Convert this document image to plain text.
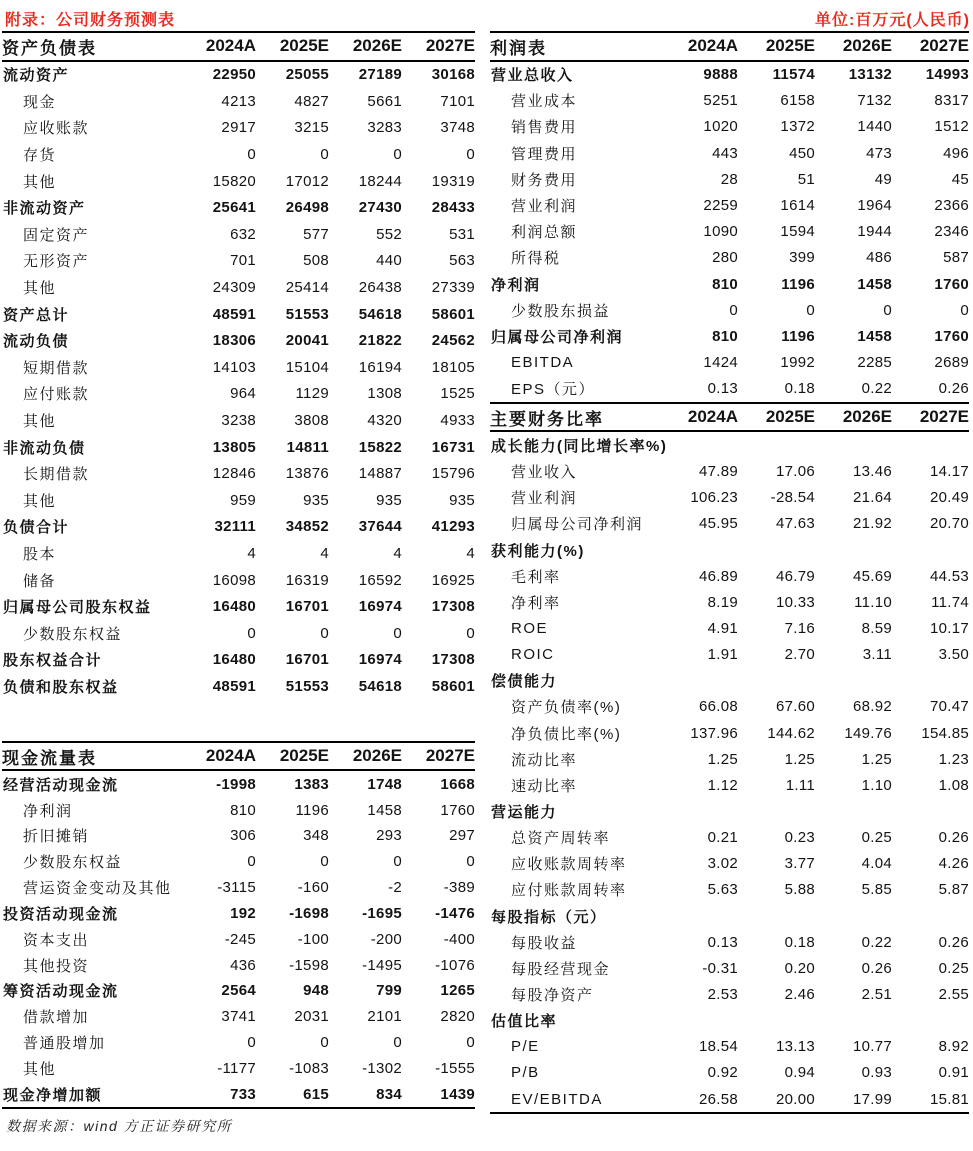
附录：公司财务预测表	单位:百万元(人民币)
资产负债表	2024A	2025E	2026E	2027E
流动资产	22950	25055	27189	30168
现金	4213	4827	5661	7101
应收账款	2917	3215	3283	3748
存货	0	0	0	0
其他	15820	17012	18244	19319
非流动资产	25641	26498	27430	28433
固定资产	632	577	552	531
无形资产	701	508	440	563
其他	24309	25414	26438	27339
资产总计	48591	51553	54618	58601
流动负债	18306	20041	21822	24562
短期借款	14103	15104	16194	18105
应付账款	964	1129	1308	1525
其他	3238	3808	4320	4933
非流动负债	13805	14811	15822	16731
长期借款	12846	13876	14887	15796
其他	959	935	935	935
负债合计	32111	34852	37644	41293
股本	4	4	4	4
储备	16098	16319	16592	16925
归属母公司股东权益	16480	16701	16974	17308
少数股东权益	0	0	0	0
股东权益合计	16480	16701	16974	17308
负债和股东权益	48591	51553	54618	58601
现金流量表	2024A	2025E	2026E	2027E
经营活动现金流	-1998	1383	1748	1668
净利润	810	1196	1458	1760
折旧摊销	306	348	293	297
少数股东权益	0	0	0	0
营运资金变动及其他	-3115	-160	-2	-389
投资活动现金流	192	-1698	-1695	-1476
资本支出	-245	-100	-200	-400
其他投资	436	-1598	-1495	-1076
筹资活动现金流	2564	948	799	1265
借款增加	3741	2031	2101	2820
普通股增加	0	0	0	0
其他	-1177	-1083	-1302	-1555
现金净增加额	733	615	834	1439
数据来源：wind 方正证券研究所
利润表	2024A	2025E	2026E	2027E
营业总收入	9888	11574	13132	14993
营业成本	5251	6158	7132	8317
销售费用	1020	1372	1440	1512
管理费用	443	450	473	496
财务费用	28	51	49	45
营业利润	2259	1614	1964	2366
利润总额	1090	1594	1944	2346
所得税	280	399	486	587
净利润	810	1196	1458	1760
少数股东损益	0	0	0	0
归属母公司净利润	810	1196	1458	1760
EBITDA	1424	1992	2285	2689
EPS（元）	0.13	0.18	0.22	0.26
主要财务比率	2024A	2025E	2026E	2027E
成长能力(同比增长率%)
营业收入	47.89	17.06	13.46	14.17
营业利润	106.23	-28.54	21.64	20.49
归属母公司净利润	45.95	47.63	21.92	20.70
获利能力(%)
毛利率	46.89	46.79	45.69	44.53
净利率	8.19	10.33	11.10	11.74
ROE	4.91	7.16	8.59	10.17
ROIC	1.91	2.70	3.11	3.50
偿债能力
资产负债率(%)	66.08	67.60	68.92	70.47
净负债比率(%)	137.96	144.62	149.76	154.85
流动比率	1.25	1.25	1.25	1.23
速动比率	1.12	1.11	1.10	1.08
营运能力
总资产周转率	0.21	0.23	0.25	0.26
应收账款周转率	3.02	3.77	4.04	4.26
应付账款周转率	5.63	5.88	5.85	5.87
每股指标（元）
每股收益	0.13	0.18	0.22	0.26
每股经营现金	-0.31	0.20	0.26	0.25
每股净资产	2.53	2.46	2.51	2.55
估值比率
P/E	18.54	13.13	10.77	8.92
P/B	0.92	0.94	0.93	0.91
EV/EBITDA	26.58	20.00	17.99	15.81
